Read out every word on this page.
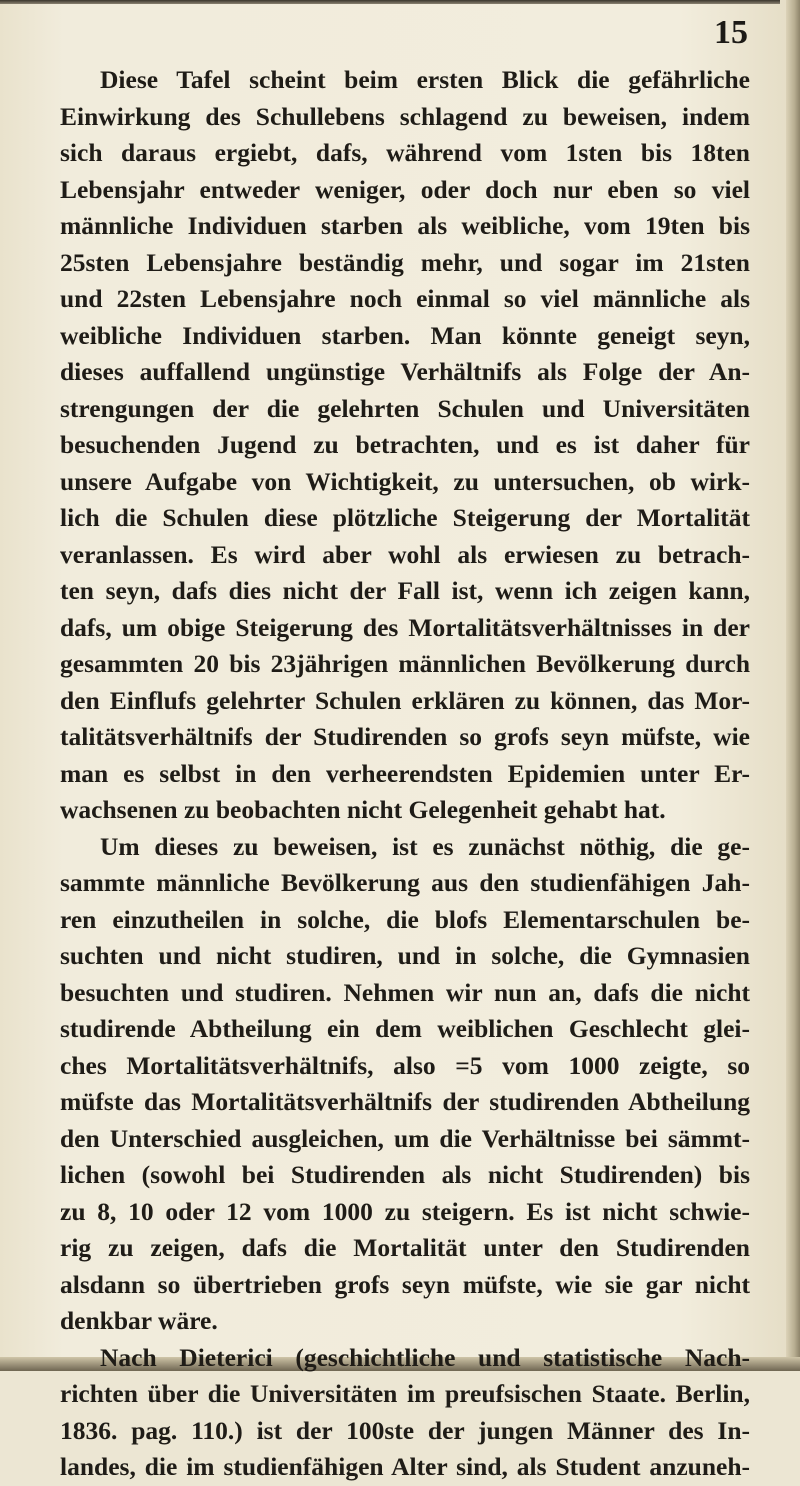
15
Diese Tafel scheint beim ersten Blick die gefährliche
Einwirkung des Schullebens schlagend zu beweisen, indem
sich daraus ergiebt, dafs, während vom 1sten bis 18ten
Lebensjahr entweder weniger, oder doch nur eben so viel
männliche Individuen starben als weibliche, vom 19ten bis
25sten Lebensjahre beständig mehr, und sogar im 21sten
und 22sten Lebensjahre noch einmal so viel männliche als
weibliche Individuen starben. Man könnte geneigt seyn,
dieses auffallend ungünstige Verhältnifs als Folge der An-
strengungen der die gelehrten Schulen und Universitäten
besuchenden Jugend zu betrachten, und es ist daher für
unsere Aufgabe von Wichtigkeit, zu untersuchen, ob wirk-
lich die Schulen diese plötzliche Steigerung der Mortalität
veranlassen. Es wird aber wohl als erwiesen zu betrach-
ten seyn, dafs dies nicht der Fall ist, wenn ich zeigen kann,
dafs, um obige Steigerung des Mortalitätsverhältnisses in der
gesammten 20 bis 23jährigen männlichen Bevölkerung durch
den Einflufs gelehrter Schulen erklären zu können, das Mor-
talitätsverhältnifs der Studirenden so grofs seyn müfste, wie
man es selbst in den verheerendsten Epidemien unter Er-
wachsenen zu beobachten nicht Gelegenheit gehabt hat.
Um dieses zu beweisen, ist es zunächst nöthig, die ge-
sammte männliche Bevölkerung aus den studienfähigen Jah-
ren einzutheilen in solche, die blofs Elementarschulen be-
suchten und nicht studiren, und in solche, die Gymnasien
besuchten und studiren. Nehmen wir nun an, dafs die nicht
studirende Abtheilung ein dem weiblichen Geschlecht glei-
ches Mortalitätsverhältnifs, also =5 vom 1000 zeigte, so
müfste das Mortalitätsverhältnifs der studirenden Abtheilung
den Unterschied ausgleichen, um die Verhältnisse bei sämmt-
lichen (sowohl bei Studirenden als nicht Studirenden) bis
zu 8, 10 oder 12 vom 1000 zu steigern. Es ist nicht schwie-
rig zu zeigen, dafs die Mortalität unter den Studirenden
alsdann so übertrieben grofs seyn müfste, wie sie gar nicht
denkbar wäre.
Nach Dieterici (geschichtliche und statistische Nach-
richten über die Universitäten im preufsischen Staate. Berlin,
1836. pag. 110.) ist der 100ste der jungen Männer des In-
landes, die im studienfähigen Alter sind, als Student anzuneh-
